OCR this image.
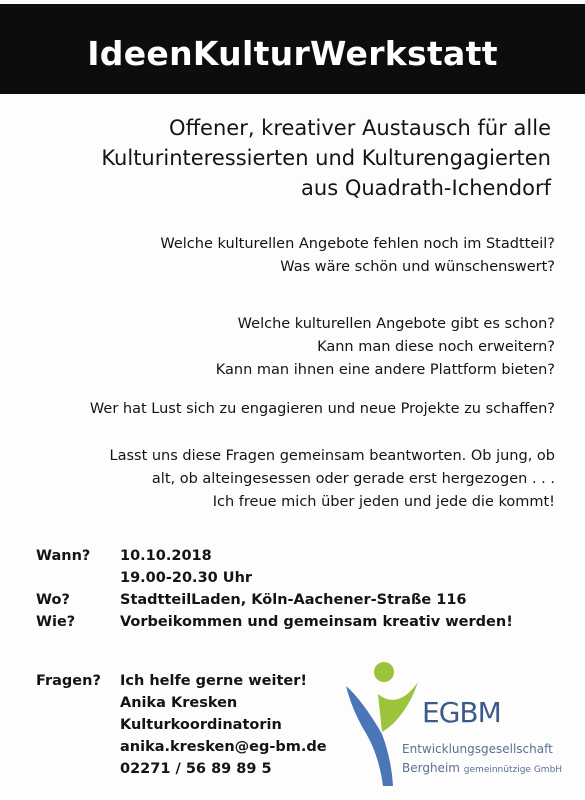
IdeenKulturWerkstatt
Offener, kreativer Austausch für alle
Kulturinteressierten und Kulturengagierten
aus Quadrath-Ichendorf
Welche kulturellen Angebote fehlen noch im Stadtteil?
Was wäre schön und wünschenswert?
Welche kulturellen Angebote gibt es schon?
Kann man diese noch erweitern?
Kann man ihnen eine andere Plattform bieten?
Wer hat Lust sich zu engagieren und neue Projekte zu schaffen?
Lasst uns diese Fragen gemeinsam beantworten. Ob jung, ob
alt, ob alteingesessen oder gerade erst hergezogen . . .
Ich freue mich über jeden und jede die kommt!
Wann?	10.10.2018
19.00-20.30 Uhr
Wo?	StadtteilLaden, Köln-Aachener-Straße 116
Wie?	Vorbeikommen und gemeinsam kreativ werden!
Fragen?	Ich helfe gerne weiter!
Anika Kresken
Kulturkoordinatorin
anika.kresken@eg-bm.de
02271 / 56 89 89 5
EGBM
Entwicklungsgesellschaft
Bergheim gemeinnützige GmbH
